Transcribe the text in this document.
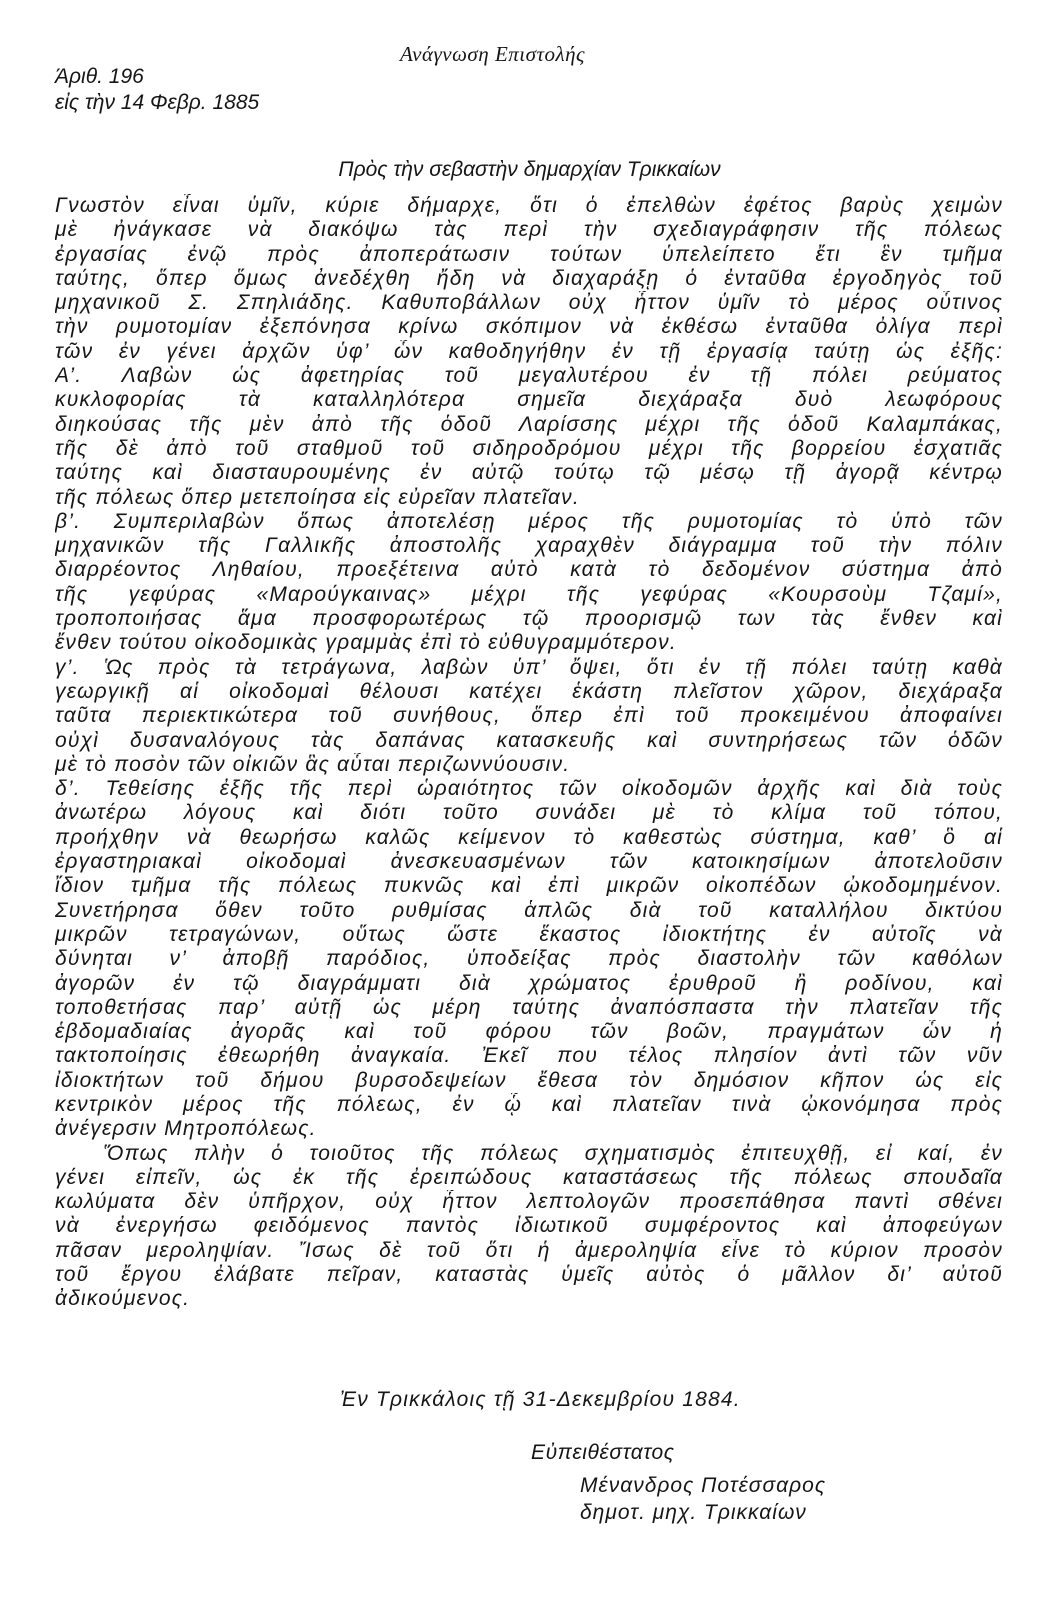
Ανάγνωση Επιστολής
Άριθ. 196
εἰς τὴν 14 Φεβρ. 1885
Πρὸς τὴν σεβαστὴν δημαρχίαν Τρικκαίων
Γνωστὸν εἶναι ὑμῖν, κύριε δήμαρχε, ὅτι ὁ ἐπελθὼν ἐφέτος βαρὺς χειμὼν
μὲ ἠνάγκασε νὰ διακόψω τὰς περὶ τὴν σχεδιαγράφησιν τῆς πόλεως
ἐργασίας ἐνῷ πρὸς ἀποπεράτωσιν τούτων ὑπελείπετο ἔτι ἓν τμῆμα
ταύτης, ὅπερ ὅμως ἀνεδέχθη ἤδη νὰ διαχαράξῃ ὁ ἐνταῦθα ἐργοδηγὸς τοῦ
μηχανικοῦ Σ. Σπηλιάδης. Καθυποβάλλων οὐχ ἧττον ὑμῖν τὸ μέρος οὗτινος
τὴν ρυμοτομίαν ἐξεπόνησα κρίνω σκόπιμον νὰ ἐκθέσω ἐνταῦθα ὀλίγα περὶ
τῶν ἐν γένει ἀρχῶν ὑφ’ ὧν καθοδηγήθην ἐν τῇ ἐργασίᾳ ταύτῃ ὡς ἐξῆς:
Α’. Λαβὼν ὡς ἀφετηρίας τοῦ μεγαλυτέρου ἐν τῇ πόλει ρεύματος
κυκλοφορίας τὰ καταλληλότερα σημεῖα διεχάραξα δυὸ λεωφόρους
διηκούσας τῆς μὲν ἀπὸ τῆς ὁδοῦ Λαρίσσης μέχρι τῆς ὁδοῦ Καλαμπάκας,
τῆς δὲ ἀπὸ τοῦ σταθμοῦ τοῦ σιδηροδρόμου μέχρι τῆς βορρείου ἐσχατιᾶς
ταύτης καὶ διασταυρουμένης ἐν αὐτῷ τούτῳ τῷ μέσῳ τῇ ἀγορᾷ κέντρῳ
τῆς πόλεως ὅπερ μετεποίησα εἰς εὐρεῖαν πλατεῖαν.
β’. Συμπεριλαβὼν ὅπως ἀποτελέσῃ μέρος τῆς ρυμοτομίας τὸ ὑπὸ τῶν
μηχανικῶν τῆς Γαλλικῆς ἀποστολῆς χαραχθὲν διάγραμμα τοῦ τὴν πόλιν
διαρρέοντος Ληθαίου, προεξέτεινα αὐτὸ κατὰ τὸ δεδομένον σύστημα ἀπὸ
τῆς γεφύρας «Μαρούγκαινας» μέχρι τῆς γεφύρας «Κουρσοὺμ Τζαμί»,
τροποποιήσας ἅμα προσφορωτέρως τῷ προορισμῷ των τὰς ἔνθεν καὶ
ἔνθεν τούτου οἰκοδομικὰς γραμμὰς ἐπὶ τὸ εὐθυγραμμότερον.
γ’. Ὡς πρὸς τὰ τετράγωνα, λαβὼν ὑπ’ ὄψει, ὅτι ἐν τῇ πόλει ταύτῃ καθὰ
γεωργικῇ αἱ οἰκοδομαὶ θέλουσι κατέχει ἑκάστη πλεῖστον χῶρον, διεχάραξα
ταῦτα περιεκτικώτερα τοῦ συνήθους, ὅπερ ἐπὶ τοῦ προκειμένου ἀποφαίνει
οὐχὶ δυσαναλόγους τὰς δαπάνας κατασκευῆς καὶ συντηρήσεως τῶν ὁδῶν
μὲ τὸ ποσὸν τῶν οἰκιῶν ἃς αὗται περιζωννύουσιν.
δ’. Τεθείσης ἐξῆς τῆς περὶ ὡραιότητος τῶν οἰκοδομῶν ἀρχῆς καὶ διὰ τοὺς
ἀνωτέρω λόγους καὶ διότι τοῦτο συνάδει μὲ τὸ κλίμα τοῦ τόπου,
προήχθην νὰ θεωρήσω καλῶς κείμενον τὸ καθεστὼς σύστημα, καθ’ ὃ αἱ
ἐργαστηριακαὶ οἰκοδομαὶ ἀνεσκευασμένων τῶν κατοικησίμων ἀποτελοῦσιν
ἴδιον τμῆμα τῆς πόλεως πυκνῶς καὶ ἐπὶ μικρῶν οἰκοπέδων ᾠκοδομημένον.
Συνετήρησα ὅθεν τοῦτο ρυθμίσας ἁπλῶς διὰ τοῦ καταλλήλου δικτύου
μικρῶν τετραγώνων, οὕτως ὥστε ἕκαστος ἰδιοκτήτης ἐν αὐτοῖς νὰ
δύνηται ν’ ἀποβῇ παρόδιος, ὑποδείξας πρὸς διαστολὴν τῶν καθόλων
ἀγορῶν ἐν τῷ διαγράμματι διὰ χρώματος ἐρυθροῦ ἢ ροδίνου, καὶ
τοποθετήσας παρ’ αὐτῇ ὡς μέρη ταύτης ἀναπόσπαστα τὴν πλατεῖαν τῆς
ἑβδομαδιαίας ἀγορᾶς καὶ τοῦ φόρου τῶν βοῶν, πραγμάτων ὧν ἡ
τακτοποίησις ἐθεωρήθη ἀναγκαία. Ἐκεῖ που τέλος πλησίον ἀντὶ τῶν νῦν
ἰδιοκτήτων τοῦ δήμου βυρσοδεψείων ἔθεσα τὸν δημόσιον κῆπον ὡς εἰς
κεντρικὸν μέρος τῆς πόλεως, ἐν ᾧ καὶ πλατεῖαν τινὰ ᾠκονόμησα πρὸς
ἀνέγερσιν Μητροπόλεως.
Ὅπως πλὴν ὁ τοιοῦτος τῆς πόλεως σχηματισμὸς ἐπιτευχθῇ, εἰ καί, ἐν
γένει εἰπεῖν, ὡς ἐκ τῆς ἐρειπώδους καταστάσεως τῆς πόλεως σπουδαῖα
κωλύματα δὲν ὑπῆρχον, οὐχ ἧττον λεπτολογῶν προσεπάθησα παντὶ σθένει
νὰ ἐνεργήσω φειδόμενος παντὸς ἰδιωτικοῦ συμφέροντος καὶ ἀποφεύγων
πᾶσαν μεροληψίαν. Ἴσως δὲ τοῦ ὅτι ἡ ἀμεροληψία εἶνε τὸ κύριον προσὸν
τοῦ ἔργου ἐλάβατε πεῖραν, καταστὰς ὑμεῖς αὐτὸς ὁ μᾶλλον δι’ αὐτοῦ
ἀδικούμενος.
Ἐν Τρικκάλοις τῇ 31-Δεκεμβρίου 1884.
Εὐπειθέστατος
Μένανδρος Ποτέσσαρος
δημοτ. μηχ. Τρικκαίων
